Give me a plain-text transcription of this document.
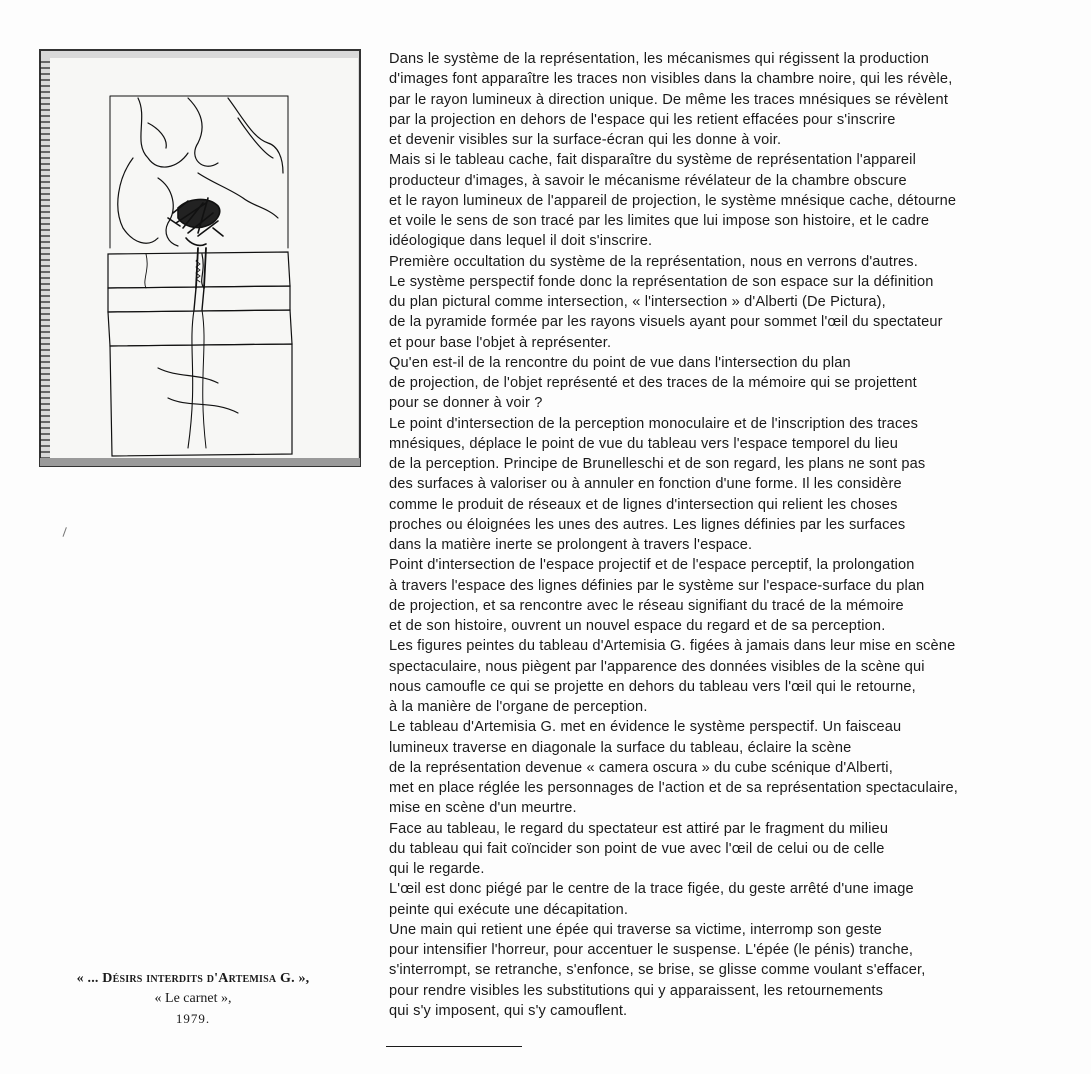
« ... Désirs interdits d'Artemisa G. »,
« Le carnet »,
1979.
Dans le système de la représentation, les mécanismes qui régissent la production
d'images font apparaître les traces non visibles dans la chambre noire, qui les révèle,
par le rayon lumineux à direction unique. De même les traces mnésiques se révèlent
par la projection en dehors de l'espace qui les retient effacées pour s'inscrire
et devenir visibles sur la surface-écran qui les donne à voir.
Mais si le tableau cache, fait disparaître du système de représentation l'appareil
producteur d'images, à savoir le mécanisme révélateur de la chambre obscure
et le rayon lumineux de l'appareil de projection, le système mnésique cache, détourne
et voile le sens de son tracé par les limites que lui impose son histoire, et le cadre
idéologique dans lequel il doit s'inscrire.
Première occultation du système de la représentation, nous en verrons d'autres.
Le système perspectif fonde donc la représentation de son espace sur la définition
du plan pictural comme intersection, « l'intersection » d'Alberti (De Pictura),
de la pyramide formée par les rayons visuels ayant pour sommet l'œil du spectateur
et pour base l'objet à représenter.
Qu'en est-il de la rencontre du point de vue dans l'intersection du plan
de projection, de l'objet représenté et des traces de la mémoire qui se projettent
pour se donner à voir ?
Le point d'intersection de la perception monoculaire et de l'inscription des traces
mnésiques, déplace le point de vue du tableau vers l'espace temporel du lieu
de la perception. Principe de Brunelleschi et de son regard, les plans ne sont pas
des surfaces à valoriser ou à annuler en fonction d'une forme. Il les considère
comme le produit de réseaux et de lignes d'intersection qui relient les choses
proches ou éloignées les unes des autres. Les lignes définies par les surfaces
dans la matière inerte se prolongent à travers l'espace.
Point d'intersection de l'espace projectif et de l'espace perceptif, la prolongation
à travers l'espace des lignes définies par le système sur l'espace-surface du plan
de projection, et sa rencontre avec le réseau signifiant du tracé de la mémoire
et de son histoire, ouvrent un nouvel espace du regard et de sa perception.
Les figures peintes du tableau d'Artemisia G. figées à jamais dans leur mise en scène
spectaculaire, nous piègent par l'apparence des données visibles de la scène qui
nous camoufle ce qui se projette en dehors du tableau vers l'œil qui le retourne,
à la manière de l'organe de perception.
Le tableau d'Artemisia G. met en évidence le système perspectif. Un faisceau
lumineux traverse en diagonale la surface du tableau, éclaire la scène
de la représentation devenue « camera oscura » du cube scénique d'Alberti,
met en place réglée les personnages de l'action et de sa représentation spectaculaire,
mise en scène d'un meurtre.
Face au tableau, le regard du spectateur est attiré par le fragment du milieu
du tableau qui fait coïncider son point de vue avec l'œil de celui ou de celle
qui le regarde.
L'œil est donc piégé par le centre de la trace figée, du geste arrêté d'une image
peinte qui exécute une décapitation.
Une main qui retient une épée qui traverse sa victime, interromp son geste
pour intensifier l'horreur, pour accentuer le suspense. L'épée (le pénis) tranche,
s'interrompt, se retranche, s'enfonce, se brise, se glisse comme voulant s'effacer,
pour rendre visibles les substitutions qui y apparaissent, les retournements
qui s'y imposent, qui s'y camouflent.
